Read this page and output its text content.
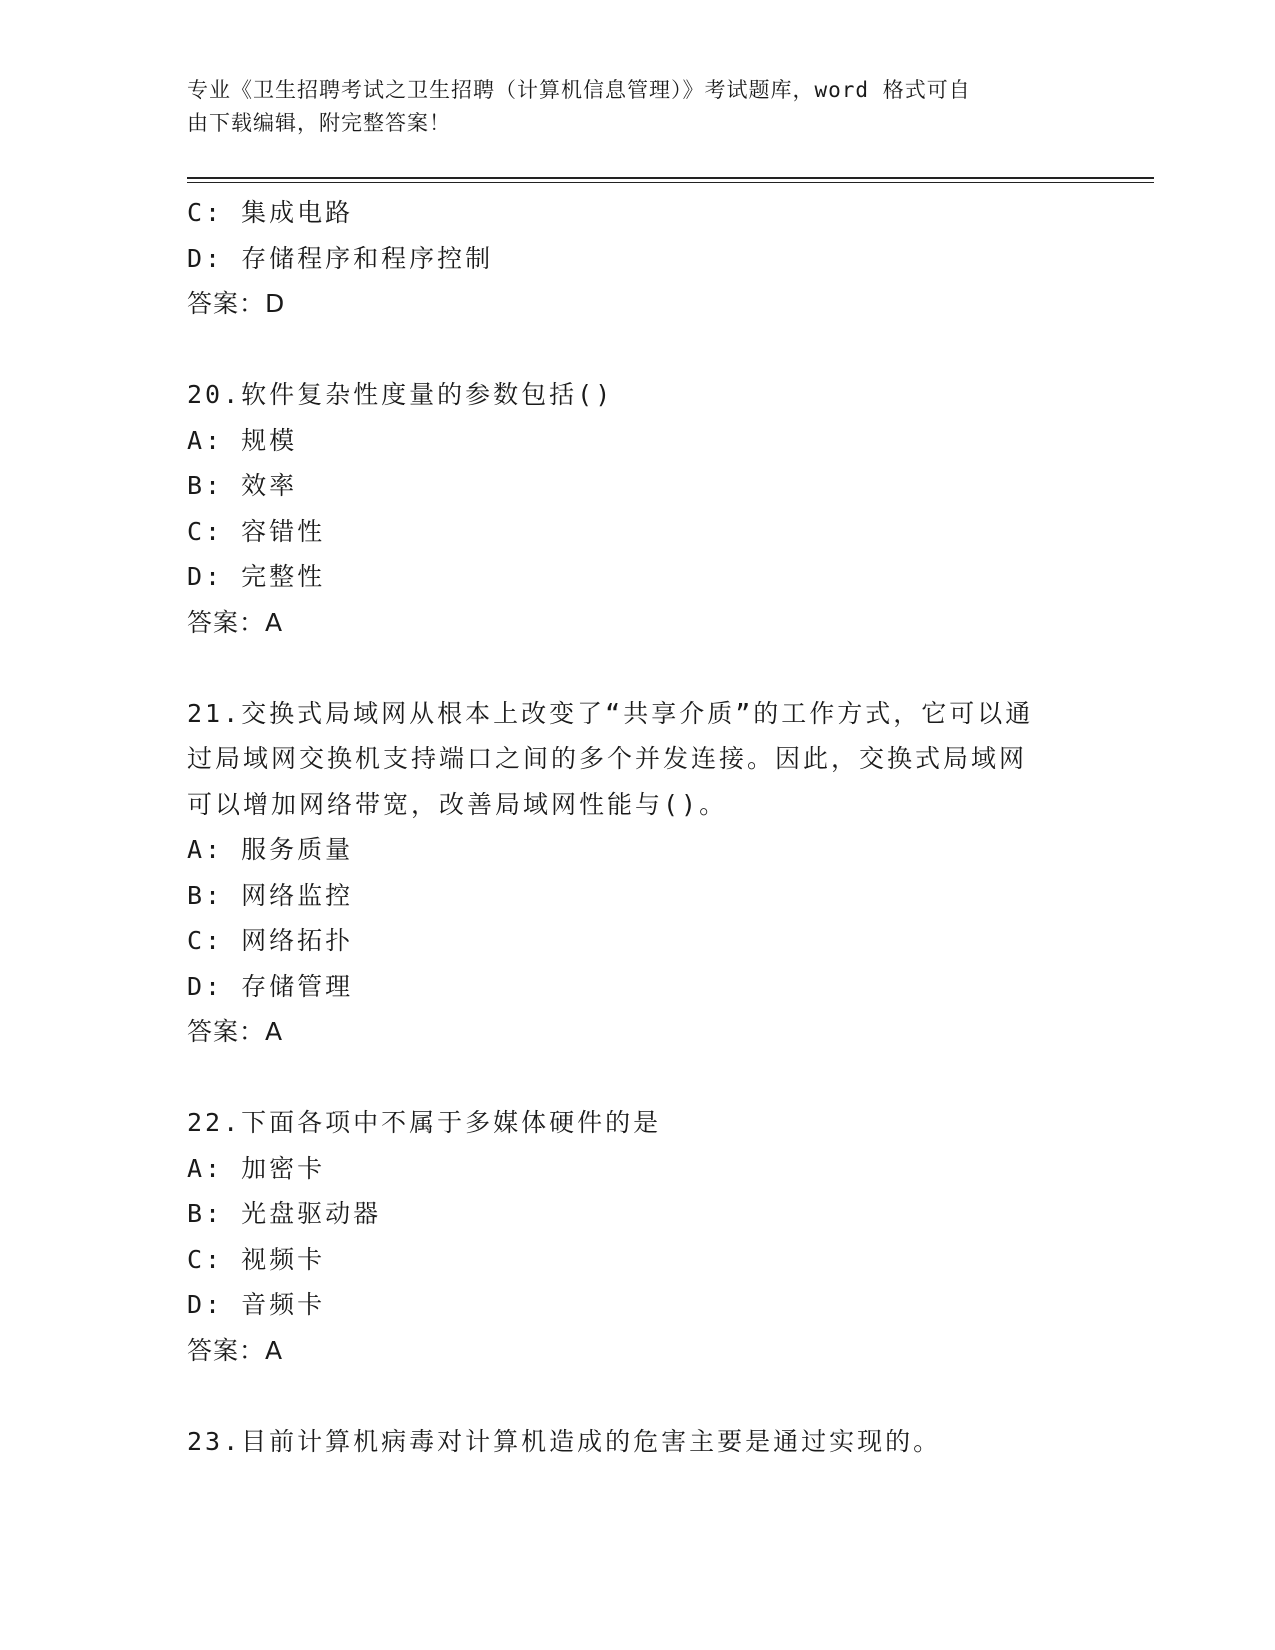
专业《卫生招聘考试之卫生招聘（计算机信息管理）》考试题库，word 格式可自
由下载编辑，附完整答案！
C: 集成电路
D: 存储程序和程序控制
答案：D
20.软件复杂性度量的参数包括()
A: 规模
B: 效率
C: 容错性
D: 完整性
答案：A
21.交换式局域网从根本上改变了“共享介质”的工作方式，它可以通
过局域网交换机支持端口之间的多个并发连接。因此，交换式局域网
可以增加网络带宽，改善局域网性能与()。
A: 服务质量
B: 网络监控
C: 网络拓扑
D: 存储管理
答案：A
22.下面各项中不属于多媒体硬件的是
A: 加密卡
B: 光盘驱动器
C: 视频卡
D: 音频卡
答案：A
23.目前计算机病毒对计算机造成的危害主要是通过实现的。
